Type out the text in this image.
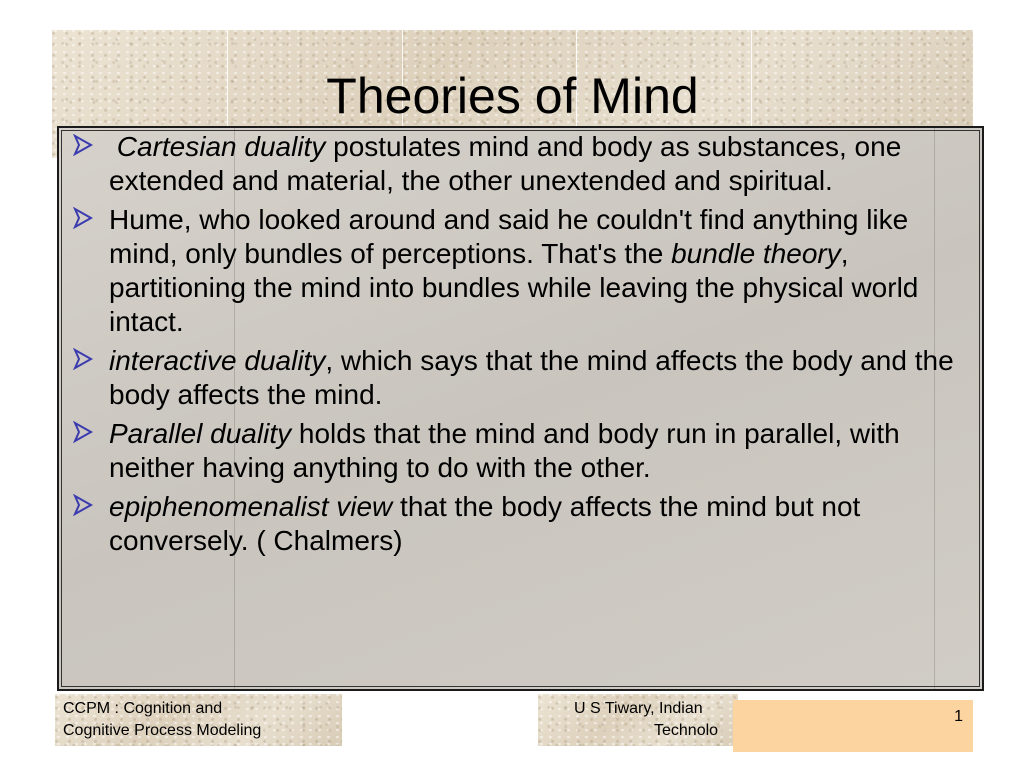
Theories of Mind
Cartesian duality postulates mind and body as substances, one extended and material, the other unextended and spiritual.
Hume, who looked around and said he couldn't find anything like mind, only bundles of perceptions. That's the bundle theory, partitioning the mind into bundles while leaving the physical world intact.
interactive duality, which says that the mind affects the body and the body affects the mind.
Parallel duality holds that the mind and body run in parallel, with neither having anything to do with the other.
epiphenomenalist view that the body affects the mind but not conversely. ( Chalmers)
CCPM : Cognition and
Cognitive Process Modeling
U S Tiwary, Indian
Technolo
1
